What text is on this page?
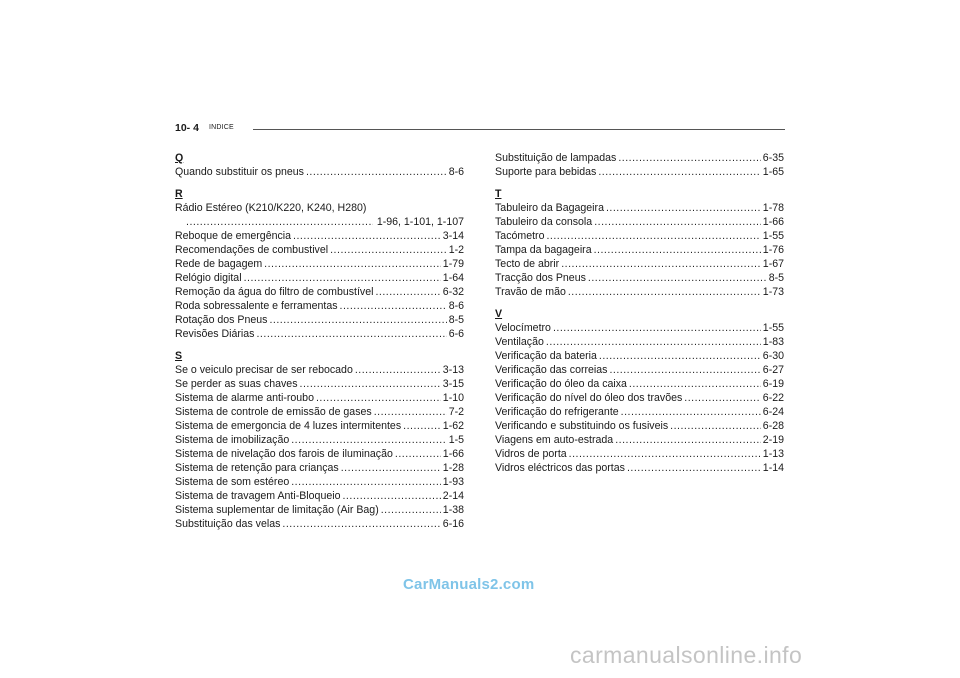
10- 4 INDICE
Q
Quando substituir os pneus .....	8-6
R
Rádio Estéreo (K210/K220, K240, H280)
.....
1-96, 1-101, 1-107
Reboque de emergência .....	3-14
Recomendações de combustivel .....	1-2
Rede de bagagem .....	1-79
Relógio digital .....	1-64
Remoção da água do filtro de combustível .....	6-32
Roda sobressalente e ferramentas .....	8-6
Rotação dos Pneus .....	8-5
Revisões Diárias .....	6-6
S
Se o veiculo precisar de ser rebocado .....	3-13
Se perder as suas chaves .....	3-15
Sistema de alarme anti-roubo .....	1-10
Sistema de controle de emissão de gases .....	7-2
Sistema de emergoncia de 4 luzes intermitentes .....	1-62
Sistema de imobilização .....	1-5
Sistema de nivelação dos farois de iluminação .....	1-66
Sistema de retenção para crianças .....	1-28
Sistema de som estéreo .....	1-93
Sistema de travagem Anti-Bloqueio .....	2-14
Sistema suplementar de limitação (Air Bag) .....	1-38
Substituição das velas .....	6-16
Substituição de lampadas .....	6-35
Suporte para bebidas .....	1-65
T
Tabuleiro da Bagageira .....	1-78
Tabuleiro da consola .....	1-66
Tacómetro .....	1-55
Tampa da bagageira .....	1-76
Tecto de abrir .....	1-67
Tracção dos Pneus .....	8-5
Travão de mão .....	1-73
V
Velocímetro .....	1-55
Ventilação .....	1-83
Verificação da bateria .....	6-30
Verificação das correias .....	6-27
Verificação do óleo da caixa .....	6-19
Verificação do nível do óleo dos travões .....	6-22
Verificação do refrigerante .....	6-24
Verificando e substituindo os fusiveis .....	6-28
Viagens em auto-estrada .....	2-19
Vidros de porta .....	1-13
Vidros eléctricos das portas .....	1-14
CarManuals2.com
carmanualsonline.info
